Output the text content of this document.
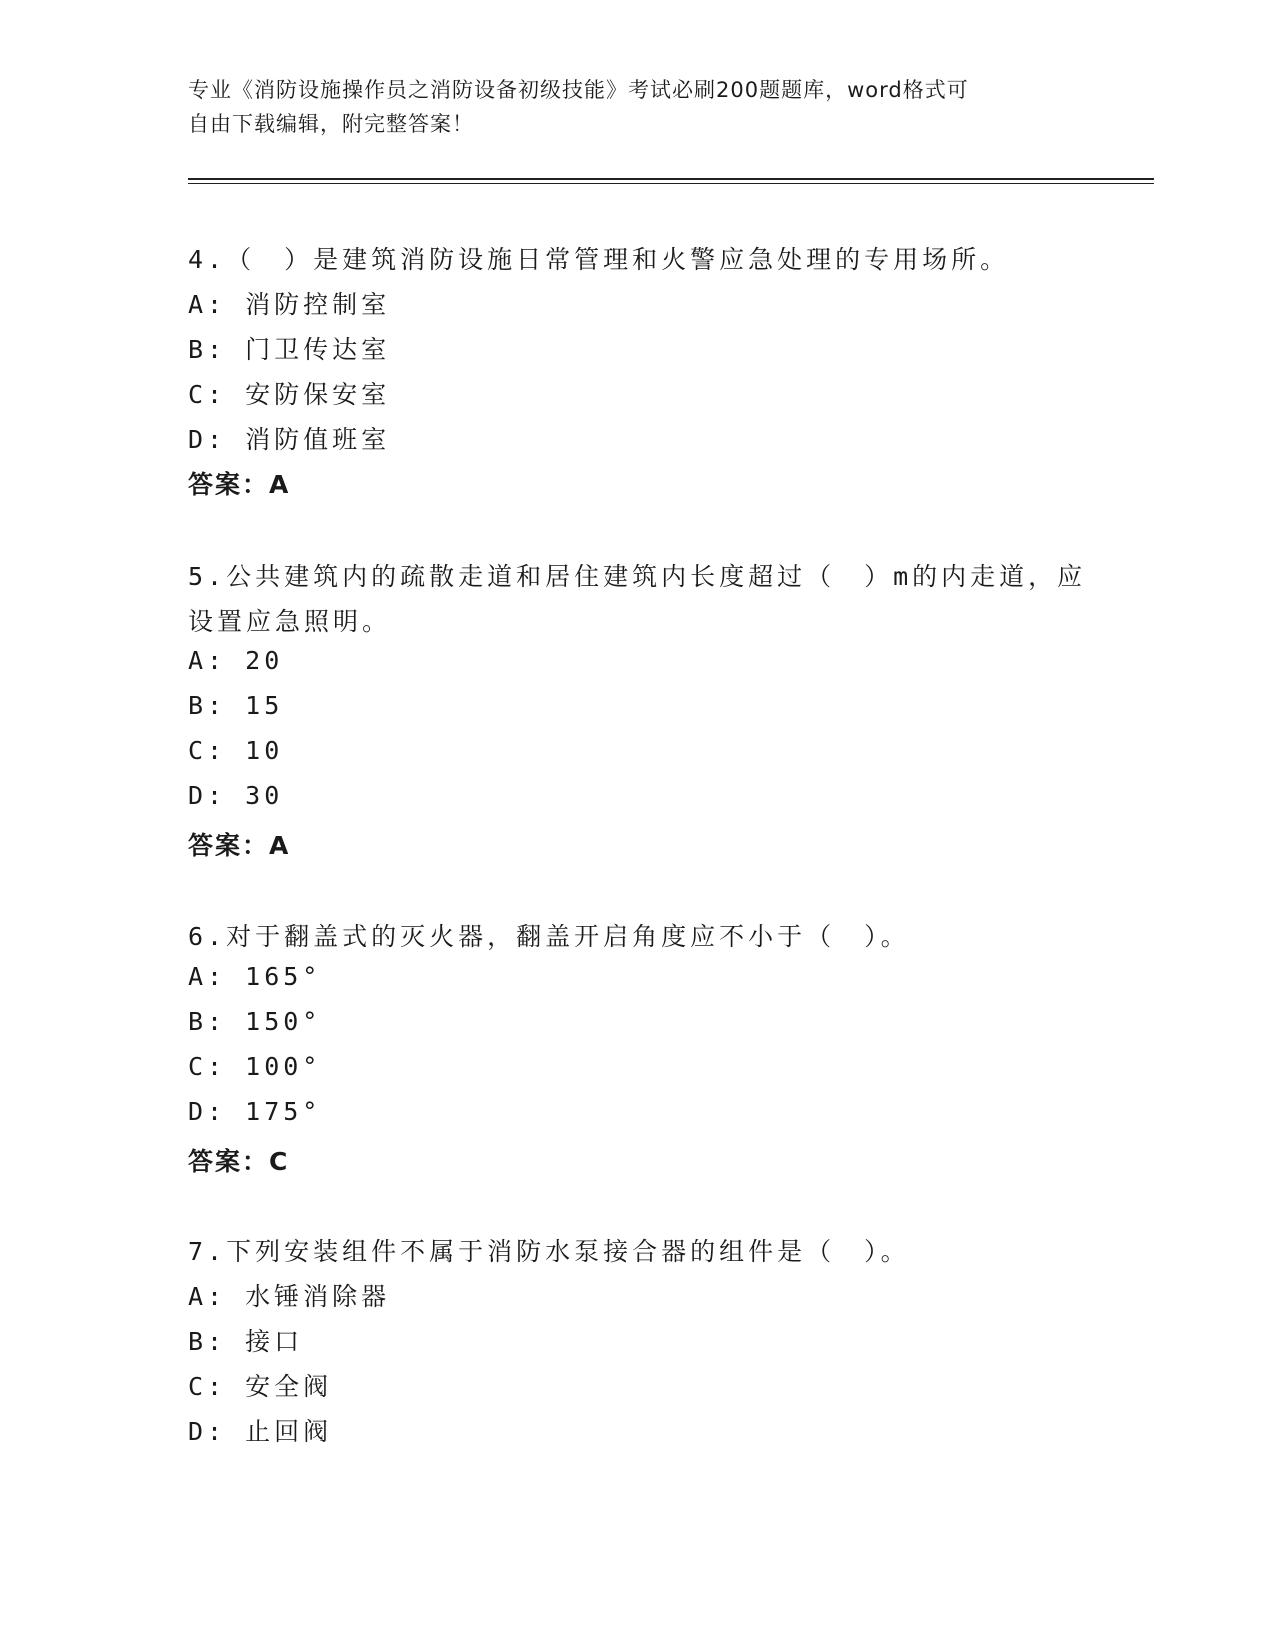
专业《消防设施操作员之消防设备初级技能》考试必刷200题题库，word格式可
自由下载编辑，附完整答案！
4.（　）是建筑消防设施日常管理和火警应急处理的专用场所。
A: 消防控制室
B: 门卫传达室
C: 安防保安室
D: 消防值班室
答案：A
5.公共建筑内的疏散走道和居住建筑内长度超过（　）m的内走道，应
设置应急照明。
A: 20
B: 15
C: 10
D: 30
答案：A
6.对于翻盖式的灭火器，翻盖开启角度应不小于（　）。
A: 165°
B: 150°
C: 100°
D: 175°
答案：C
7.下列安装组件不属于消防水泵接合器的组件是（　）。
A: 水锤消除器
B: 接口
C: 安全阀
D: 止回阀
